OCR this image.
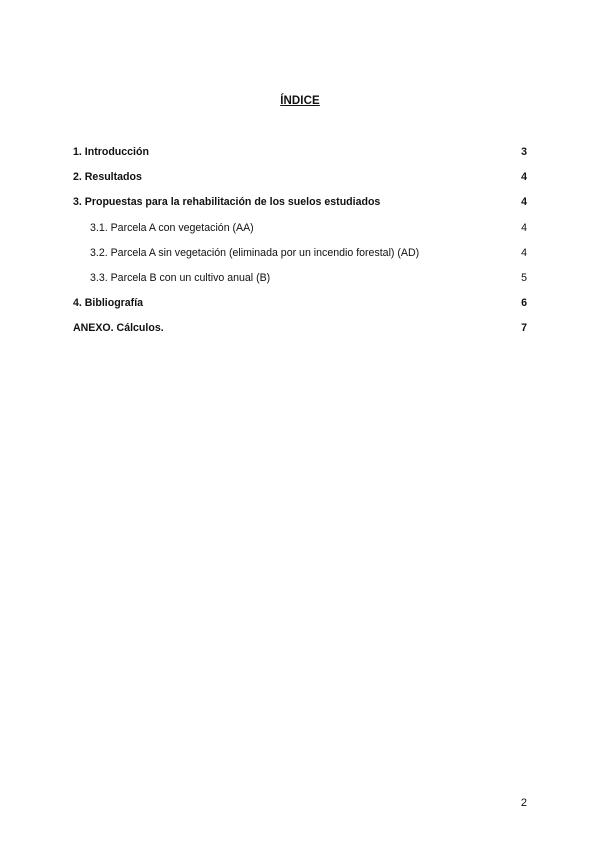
ÍNDICE
1. Introducción	3
2. Resultados	4
3. Propuestas para la rehabilitación de los suelos estudiados	4
3.1. Parcela A con vegetación (AA)	4
3.2. Parcela A sin vegetación (eliminada por un incendio forestal) (AD)	4
3.3. Parcela B con un cultivo anual (B)	5
4. Bibliografía	6
ANEXO. Cálculos.	7
2
